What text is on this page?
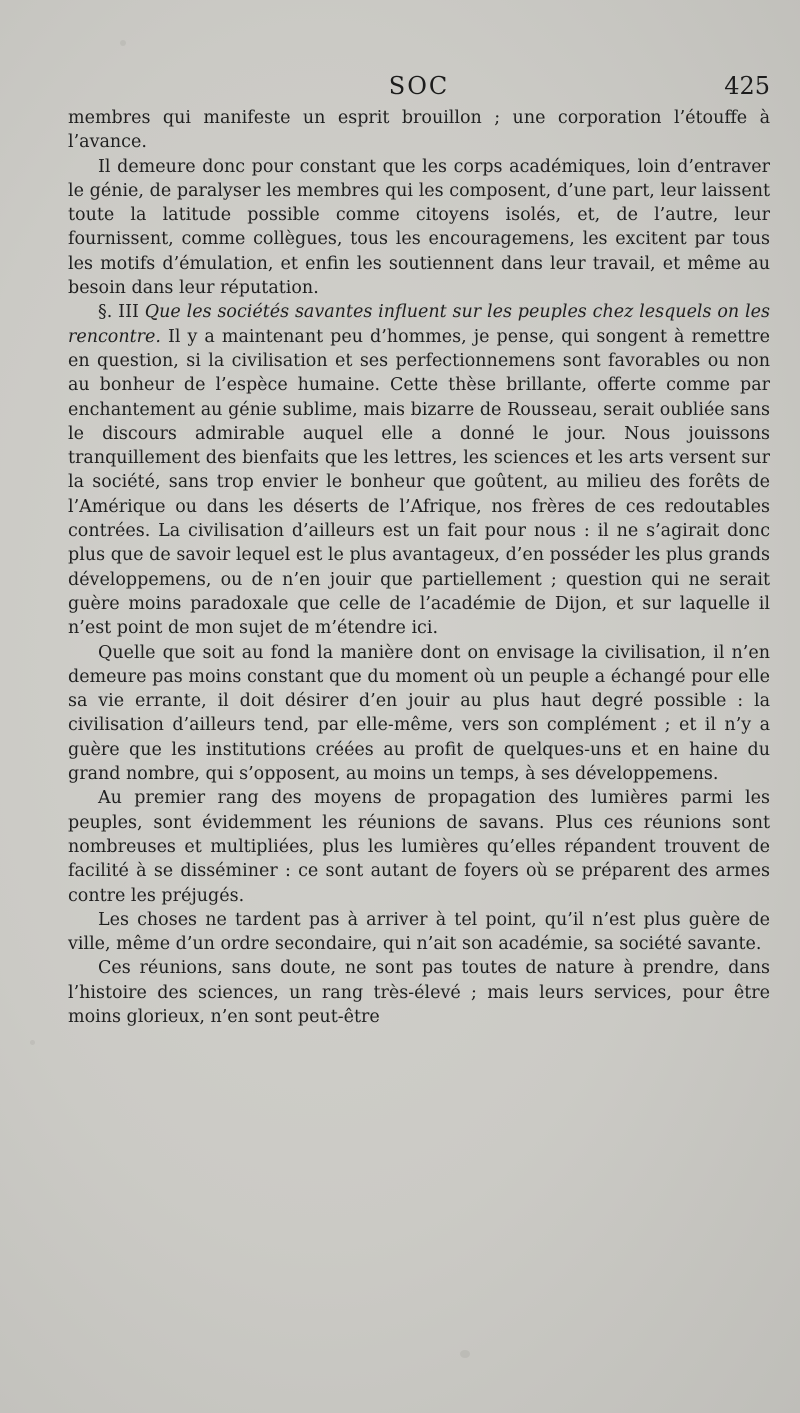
SOC	425

membres qui manifeste un esprit brouillon ; une corporation l’étouffe à l’avance.

Il demeure donc pour constant que les corps académiques, loin d’entraver le génie, de paralyser les membres qui les composent, d’une part, leur laissent toute la latitude possible comme citoyens isolés, et, de l’autre, leur fournissent, comme collègues, tous les encouragemens, les excitent par tous les motifs d’émulation, et enfin les soutiennent dans leur travail, et même au besoin dans leur réputation.

§. III Que les sociétés savantes influent sur les peuples chez lesquels on les rencontre. Il y a maintenant peu d’hommes, je pense, qui songent à remettre en question, si la civilisation et ses perfectionnemens sont favorables ou non au bonheur de l’espèce humaine. Cette thèse brillante, offerte comme par enchantement au génie sublime, mais bizarre de Rousseau, serait oubliée sans le discours admirable auquel elle a donné le jour. Nous jouissons tranquillement des bienfaits que les lettres, les sciences et les arts versent sur la société, sans trop envier le bonheur que goûtent, au milieu des forêts de l’Amérique ou dans les déserts de l’Afrique, nos frères de ces redoutables contrées. La civilisation d’ailleurs est un fait pour nous : il ne s’agirait donc plus que de savoir lequel est le plus avantageux, d’en posséder les plus grands développemens, ou de n’en jouir que partiellement ; question qui ne serait guère moins paradoxale que celle de l’académie de Dijon, et sur laquelle il n’est point de mon sujet de m’étendre ici.

Quelle que soit au fond la manière dont on envisage la civilisation, il n’en demeure pas moins constant que du moment où un peuple a échangé pour elle sa vie errante, il doit désirer d’en jouir au plus haut degré possible : la civilisation d’ailleurs tend, par elle-même, vers son complément ; et il n’y a guère que les institutions créées au profit de quelques-uns et en haine du grand nombre, qui s’opposent, au moins un temps, à ses développemens.

Au premier rang des moyens de propagation des lumières parmi les peuples, sont évidemment les réunions de savans. Plus ces réunions sont nombreuses et multipliées, plus les lumières qu’elles répandent trouvent de facilité à se disséminer : ce sont autant de foyers où se préparent des armes contre les préjugés.

Les choses ne tardent pas à arriver à tel point, qu’il n’est plus guère de ville, même d’un ordre secondaire, qui n’ait son académie, sa société savante.

Ces réunions, sans doute, ne sont pas toutes de nature à prendre, dans l’histoire des sciences, un rang très-élevé ; mais leurs services, pour être moins glorieux, n’en sont peut-être
